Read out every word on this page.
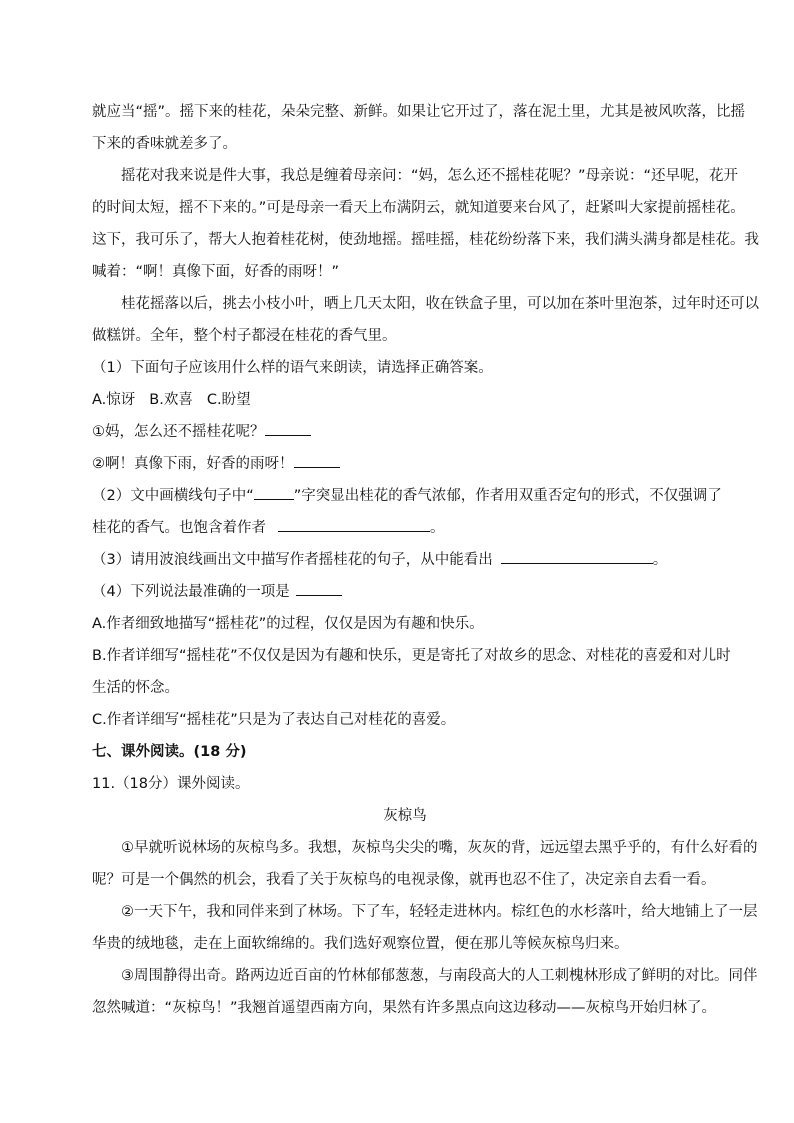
就应当“摇”。摇下来的桂花，朵朵完整、新鲜。如果让它开过了，落在泥土里，尤其是被风吹落，比摇
下来的香味就差多了。
摇花对我来说是件大事，我总是缠着母亲问：“妈，怎么还不摇桂花呢？”母亲说：“还早呢，花开
的时间太短，摇不下来的。”可是母亲一看天上布满阴云，就知道要来台风了，赶紧叫大家提前摇桂花。
这下，我可乐了，帮大人抱着桂花树，使劲地摇。摇哇摇，桂花纷纷落下来，我们满头满身都是桂花。我
喊着：“啊！真像下面，好香的雨呀！”
桂花摇落以后，挑去小枝小叶，晒上几天太阳，收在铁盒子里，可以加在茶叶里泡茶，过年时还可以
做糕饼。全年，整个村子都浸在桂花的香气里。
（1）下面句子应该用什么样的语气来朗读，请选择正确答案。
A.惊讶 B.欢喜 C.盼望
①妈，怎么还不摇桂花呢？
②啊！真像下雨，好香的雨呀！
（2）文中画横线句子中“	”字突显出桂花的香气浓郁，作者用双重否定句的形式，不仅强调了
桂花的香气。也饱含着作者	。
（3）请用波浪线画出文中描写作者摇桂花的句子，从中能看出	。
（4）下列说法最准确的一项是
A.作者细致地描写“摇桂花”的过程，仅仅是因为有趣和快乐。
B.作者详细写“摇桂花”不仅仅是因为有趣和快乐，更是寄托了对故乡的思念、对桂花的喜爱和对儿时
生活的怀念。
C.作者详细写“摇桂花”只是为了表达自己对桂花的喜爱。
七、课外阅读。(18 分)
11.（18分）课外阅读。
灰椋鸟
①早就听说林场的灰椋鸟多。我想，灰椋鸟尖尖的嘴，灰灰的背，远远望去黑乎乎的，有什么好看的
呢？可是一个偶然的机会，我看了关于灰椋鸟的电视录像，就再也忍不住了，决定亲自去看一看。
②一天下午，我和同伴来到了林场。下了车，轻轻走进林内。棕红色的水杉落叶，给大地铺上了一层
华贵的绒地毯，走在上面软绵绵的。我们选好观察位置，便在那儿等候灰椋鸟归来。
③周围静得出奇。路两边近百亩的竹林郁郁葱葱，与南段高大的人工刺槐林形成了鲜明的对比。同伴
忽然喊道：“灰椋鸟！”我翘首遥望西南方向，果然有许多黑点向这边移动——灰椋鸟开始归林了。
